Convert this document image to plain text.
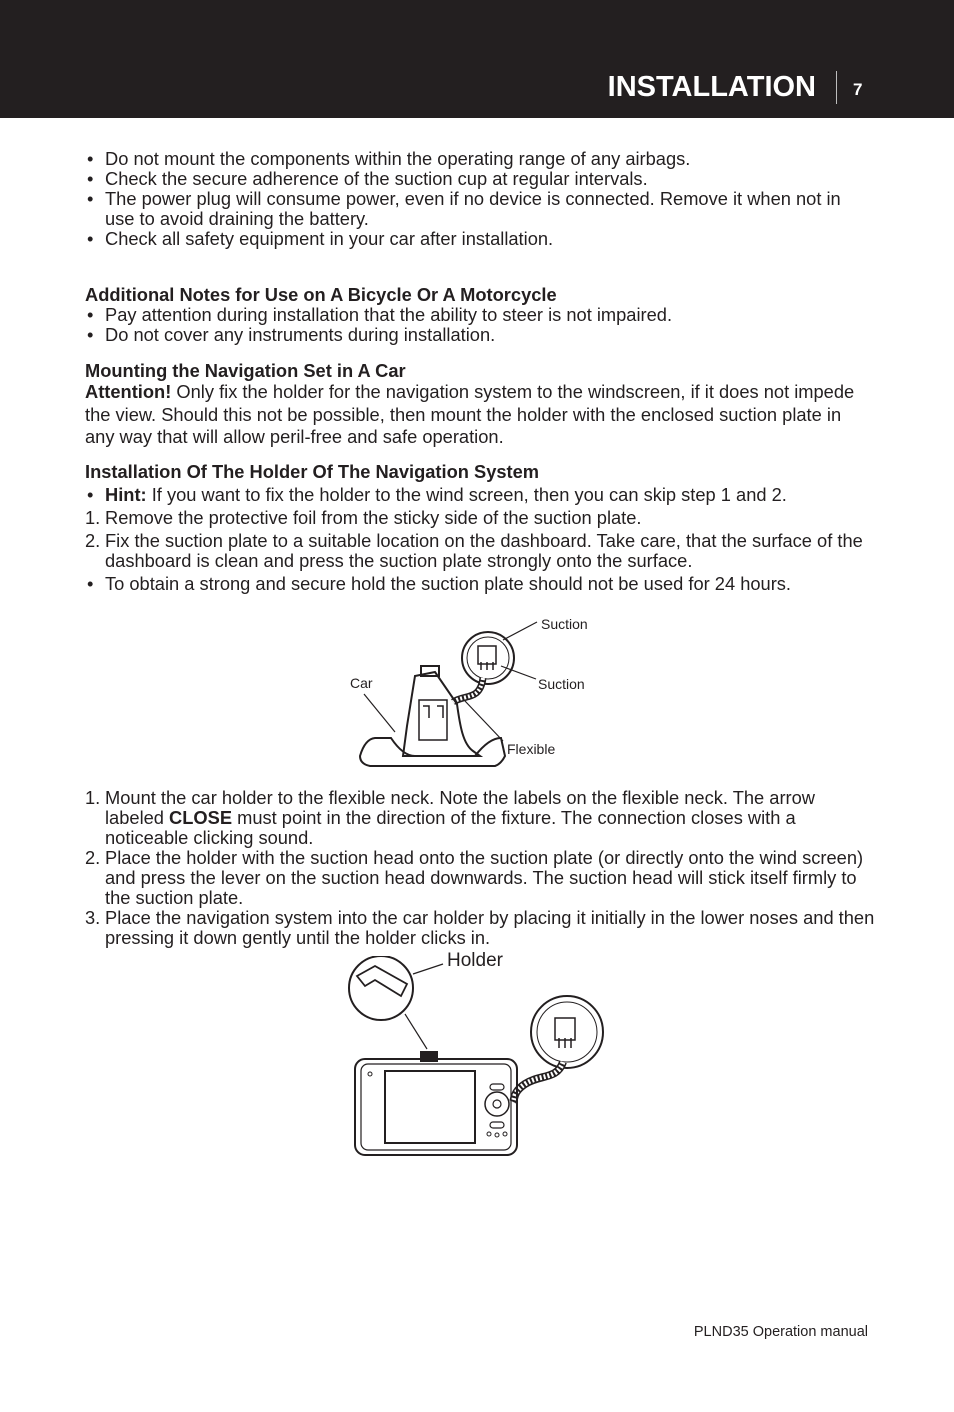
INSTALLATION 7
• Do not mount the components within the operating range of any airbags.
• Check the secure adherence of the suction cup at regular intervals.
• The power plug will consume power, even if no device is connected. Remove it when not in use to avoid draining the battery.
• Check all safety equipment in your car after installation.
Additional Notes for Use on A Bicycle Or A Motorcycle
• Pay attention during installation that the ability to steer is not impaired.
• Do not cover any instruments during installation.
Mounting the Navigation Set in A Car
Attention! Only fix the holder for the navigation system to the windscreen, if it does not impede the view. Should this not be possible, then mount the holder with the enclosed suction plate in any way that will allow peril-free and safe operation.
Installation Of The Holder Of The Navigation System
• Hint: If you want to fix the holder to the wind screen, then you can skip step 1 and 2.
1. Remove the protective foil from the sticky side of the suction plate.
2. Fix the suction plate to a suitable location on the dashboard. Take care, that the surface of the dashboard is clean and press the suction plate strongly onto the surface.
• To obtain a strong and secure hold the suction plate should not be used for 24 hours.
Suction
Suction
Car
Flexible
1. Mount the car holder to the flexible neck. Note the labels on the flexible neck. The arrow labeled CLOSE must point in the direction of the fixture. The connection closes with a noticeable clicking sound.
2. Place the holder with the suction head onto the suction plate (or directly onto the wind screen) and press the lever on the suction head downwards. The suction head will stick itself firmly to the suction plate.
3. Place the navigation system into the car holder by placing it initially in the lower noses and then pressing it down gently until the holder clicks in.
Holder
PLND35 Operation manual
